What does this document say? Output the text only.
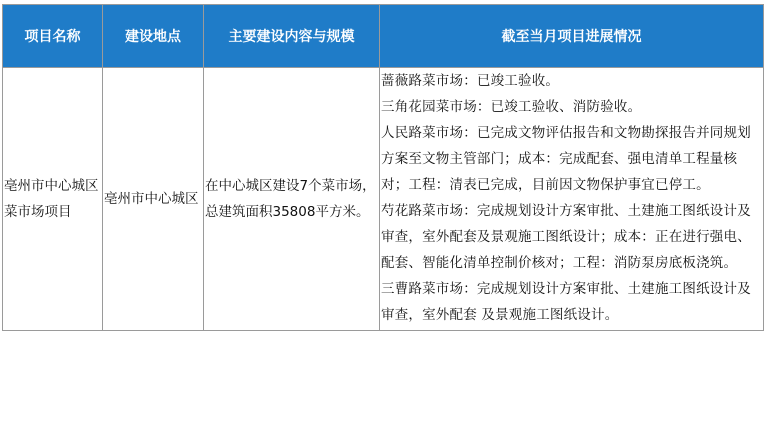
项目名称	建设地点	主要建设内容与规模	截至当月项目进展情况
亳州市中心城区菜市场项目	亳州市中心城区	在中心城区建设7个菜市场，总建筑面积35808平方米。	蔷薇路菜市场：已竣工验收。
三角花园菜市场：已竣工验收、消防验收。
人民路菜市场：已完成文物评估报告和文物勘探报告并同规划方案至文物主管部门；成本：完成配套、强电清单工程量核对；工程：清表已完成，目前因文物保护事宜已停工。
芍花路菜市场：完成规划设计方案审批、土建施工图纸设计及审查，室外配套及景观施工图纸设计；成本：正在进行强电、配套、智能化清单控制价核对；工程：消防泵房底板浇筑。
三曹路菜市场：完成规划设计方案审批、土建施工图纸设计及审查，室外配套 及景观施工图纸设计。
